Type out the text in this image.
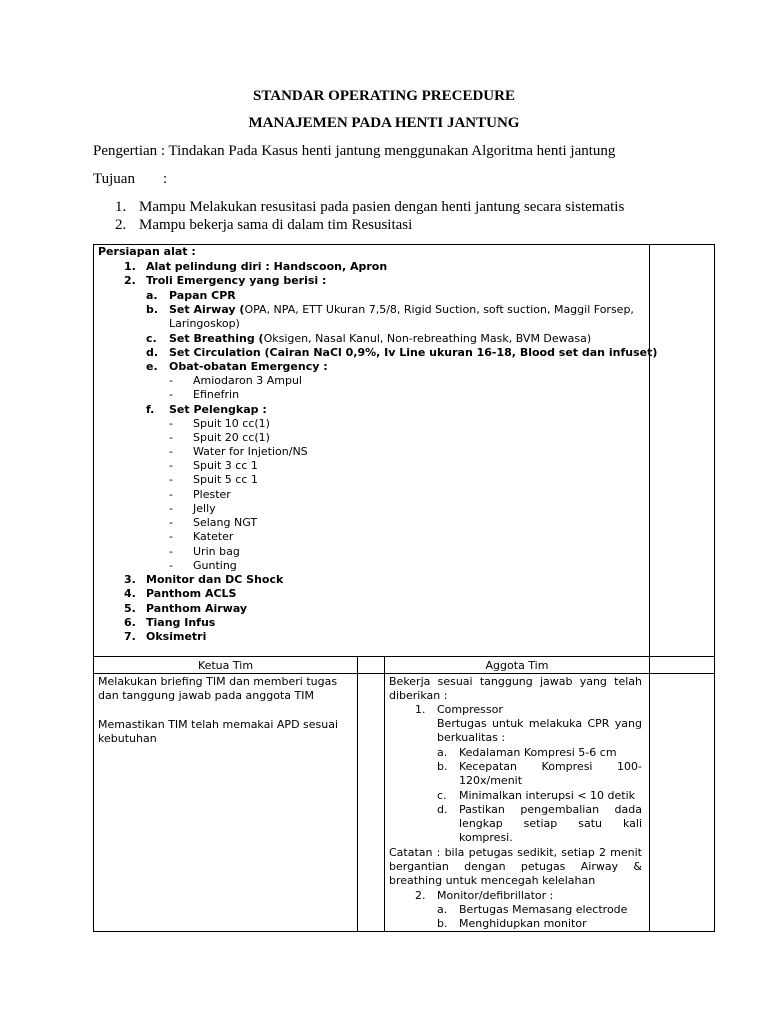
STANDAR OPERATING PRECEDURE
MANAJEMEN PADA HENTI JANTUNG
Pengertian : Tindakan Pada Kasus henti jantung menggunakan Algoritma henti jantung
Tujuan :
1. Mampu Melakukan resusitasi pada pasien dengan henti jantung secara sistematis
2. Mampu bekerja sama di dalam tim Resusitasi
Persiapan alat :
1. Alat pelindung diri : Handscoon, Apron
2. Troli Emergency yang berisi :
a. Papan CPR
b. Set Airway (OPA, NPA, ETT Ukuran 7,5/8, Rigid Suction, soft suction, Maggil Forsep,
Laringoskop)
c. Set Breathing (Oksigen, Nasal Kanul, Non-rebreathing Mask, BVM Dewasa)
d. Set Circulation (Cairan NaCl 0,9%, Iv Line ukuran 16-18, Blood set dan infuset)
e. Obat-obatan Emergency :
- Amiodaron 3 Ampul
- Efinefrin
f. Set Pelengkap :
- Spuit 10 cc(1)
- Spuit 20 cc(1)
- Water for Injetion/NS
- Spuit 3 cc 1
- Spuit 5 cc 1
- Plester
- Jelly
- Selang NGT
- Kateter
- Urin bag
- Gunting
3. Monitor dan DC Shock
4. Panthom ACLS
5. Panthom Airway
6. Tiang Infus
7. Oksimetri
Ketua Tim
Melakukan briefing TIM dan memberi tugas
dan tanggung jawab pada anggota TIM
Memastikan TIM telah memakai APD sesuai
kebutuhan
Aggota Tim
Bekerja sesuai tanggung jawab yang telah
diberikan :
1. Compressor
Bertugas untuk melakuka CPR yang
berkualitas :
a. Kedalaman Kompresi 5-6 cm
b. Kecepatan Kompresi 100-
120x/menit
c. Minimalkan interupsi < 10 detik
d. Pastikan pengembalian dada
lengkap setiap satu kali
kompresi.
Catatan : bila petugas sedikit, setiap 2 menit
bergantian dengan petugas Airway &
breathing untuk mencegah kelelahan
2. Monitor/defibrillator :
a. Bertugas Memasang electrode
b. Menghidupkan monitor
